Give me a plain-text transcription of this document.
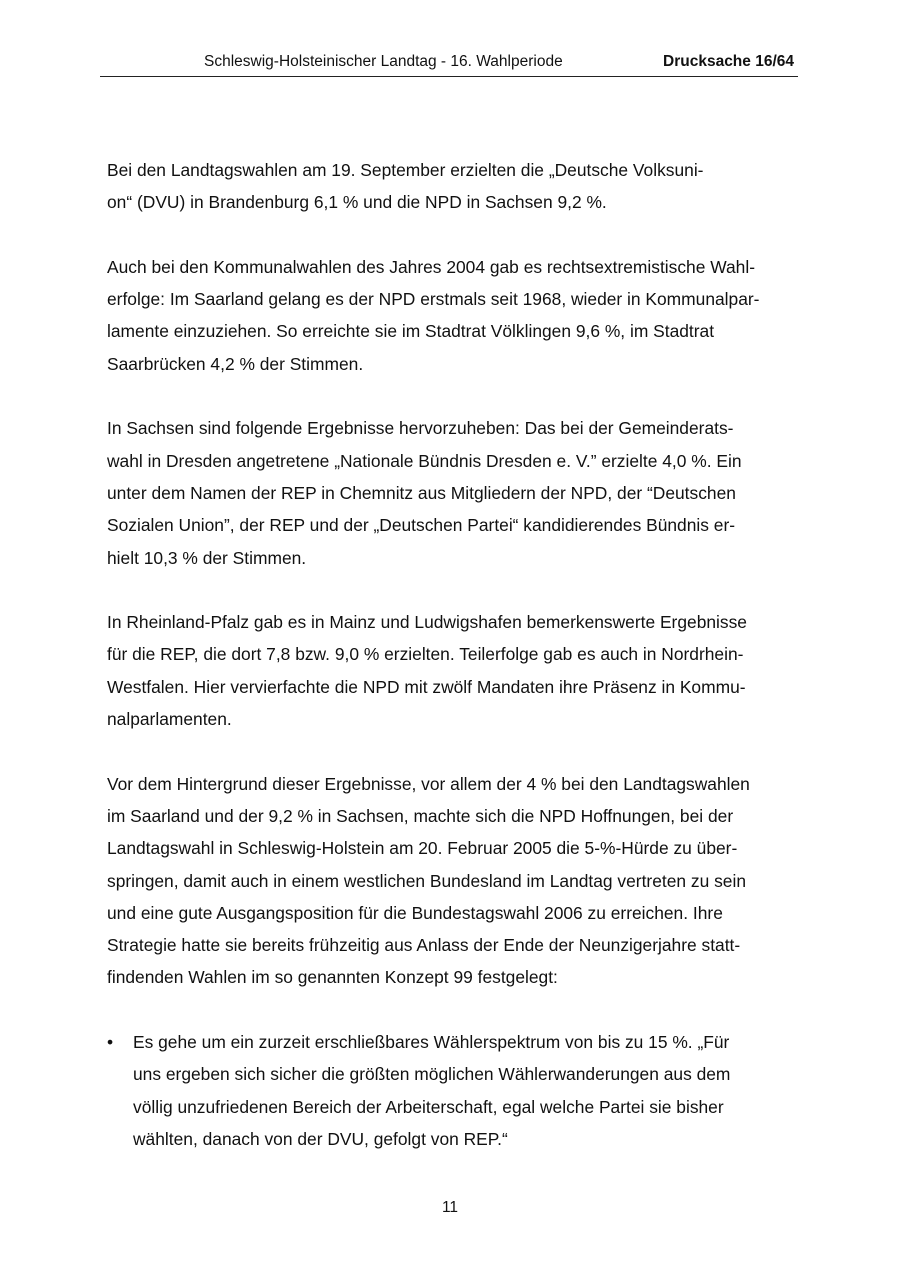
Schleswig-Holsteinischer Landtag - 16. Wahlperiode	Drucksache 16/64
Bei den Landtagswahlen am 19. September erzielten die „Deutsche Volksuni-
on“ (DVU) in Brandenburg 6,1 % und die NPD in Sachsen 9,2 %.
Auch bei den Kommunalwahlen des Jahres 2004 gab es rechtsextremistische Wahl-
erfolge: Im Saarland gelang es der NPD erstmals seit 1968, wieder in Kommunalpar-
lamente einzuziehen. So erreichte sie im Stadtrat Völklingen 9,6 %, im Stadtrat
Saarbrücken 4,2 % der Stimmen.
In Sachsen sind folgende Ergebnisse hervorzuheben: Das bei der Gemeinderats-
wahl in Dresden angetretene „Nationale Bündnis Dresden e. V.” erzielte 4,0 %. Ein
unter dem Namen der REP in Chemnitz aus Mitgliedern der NPD, der “Deutschen
Sozialen Union”, der REP und der „Deutschen Partei“ kandidierendes Bündnis er-
hielt 10,3 % der Stimmen.
In Rheinland-Pfalz gab es in Mainz und Ludwigshafen bemerkenswerte Ergebnisse
für die REP, die dort 7,8 bzw. 9,0 % erzielten. Teilerfolge gab es auch in Nordrhein-
Westfalen. Hier vervierfachte die NPD mit zwölf Mandaten ihre Präsenz in Kommu-
nalparlamenten.
Vor dem Hintergrund dieser Ergebnisse, vor allem der 4 % bei den Landtagswahlen
im Saarland und der 9,2 % in Sachsen, machte sich die NPD Hoffnungen, bei der
Landtagswahl in Schleswig-Holstein am 20. Februar 2005 die 5-%-Hürde zu über-
springen, damit auch in einem westlichen Bundesland im Landtag vertreten zu sein
und eine gute Ausgangsposition für die Bundestagswahl 2006 zu erreichen. Ihre
Strategie hatte sie bereits frühzeitig aus Anlass der Ende der Neunzigerjahre statt-
findenden Wahlen im so genannten Konzept 99 festgelegt:
• Es gehe um ein zurzeit erschließbares Wählerspektrum von bis zu 15 %. „Für
uns ergeben sich sicher die größten möglichen Wählerwanderungen aus dem
völlig unzufriedenen Bereich der Arbeiterschaft, egal welche Partei sie bisher
wählten, danach von der DVU, gefolgt von REP.“
11
